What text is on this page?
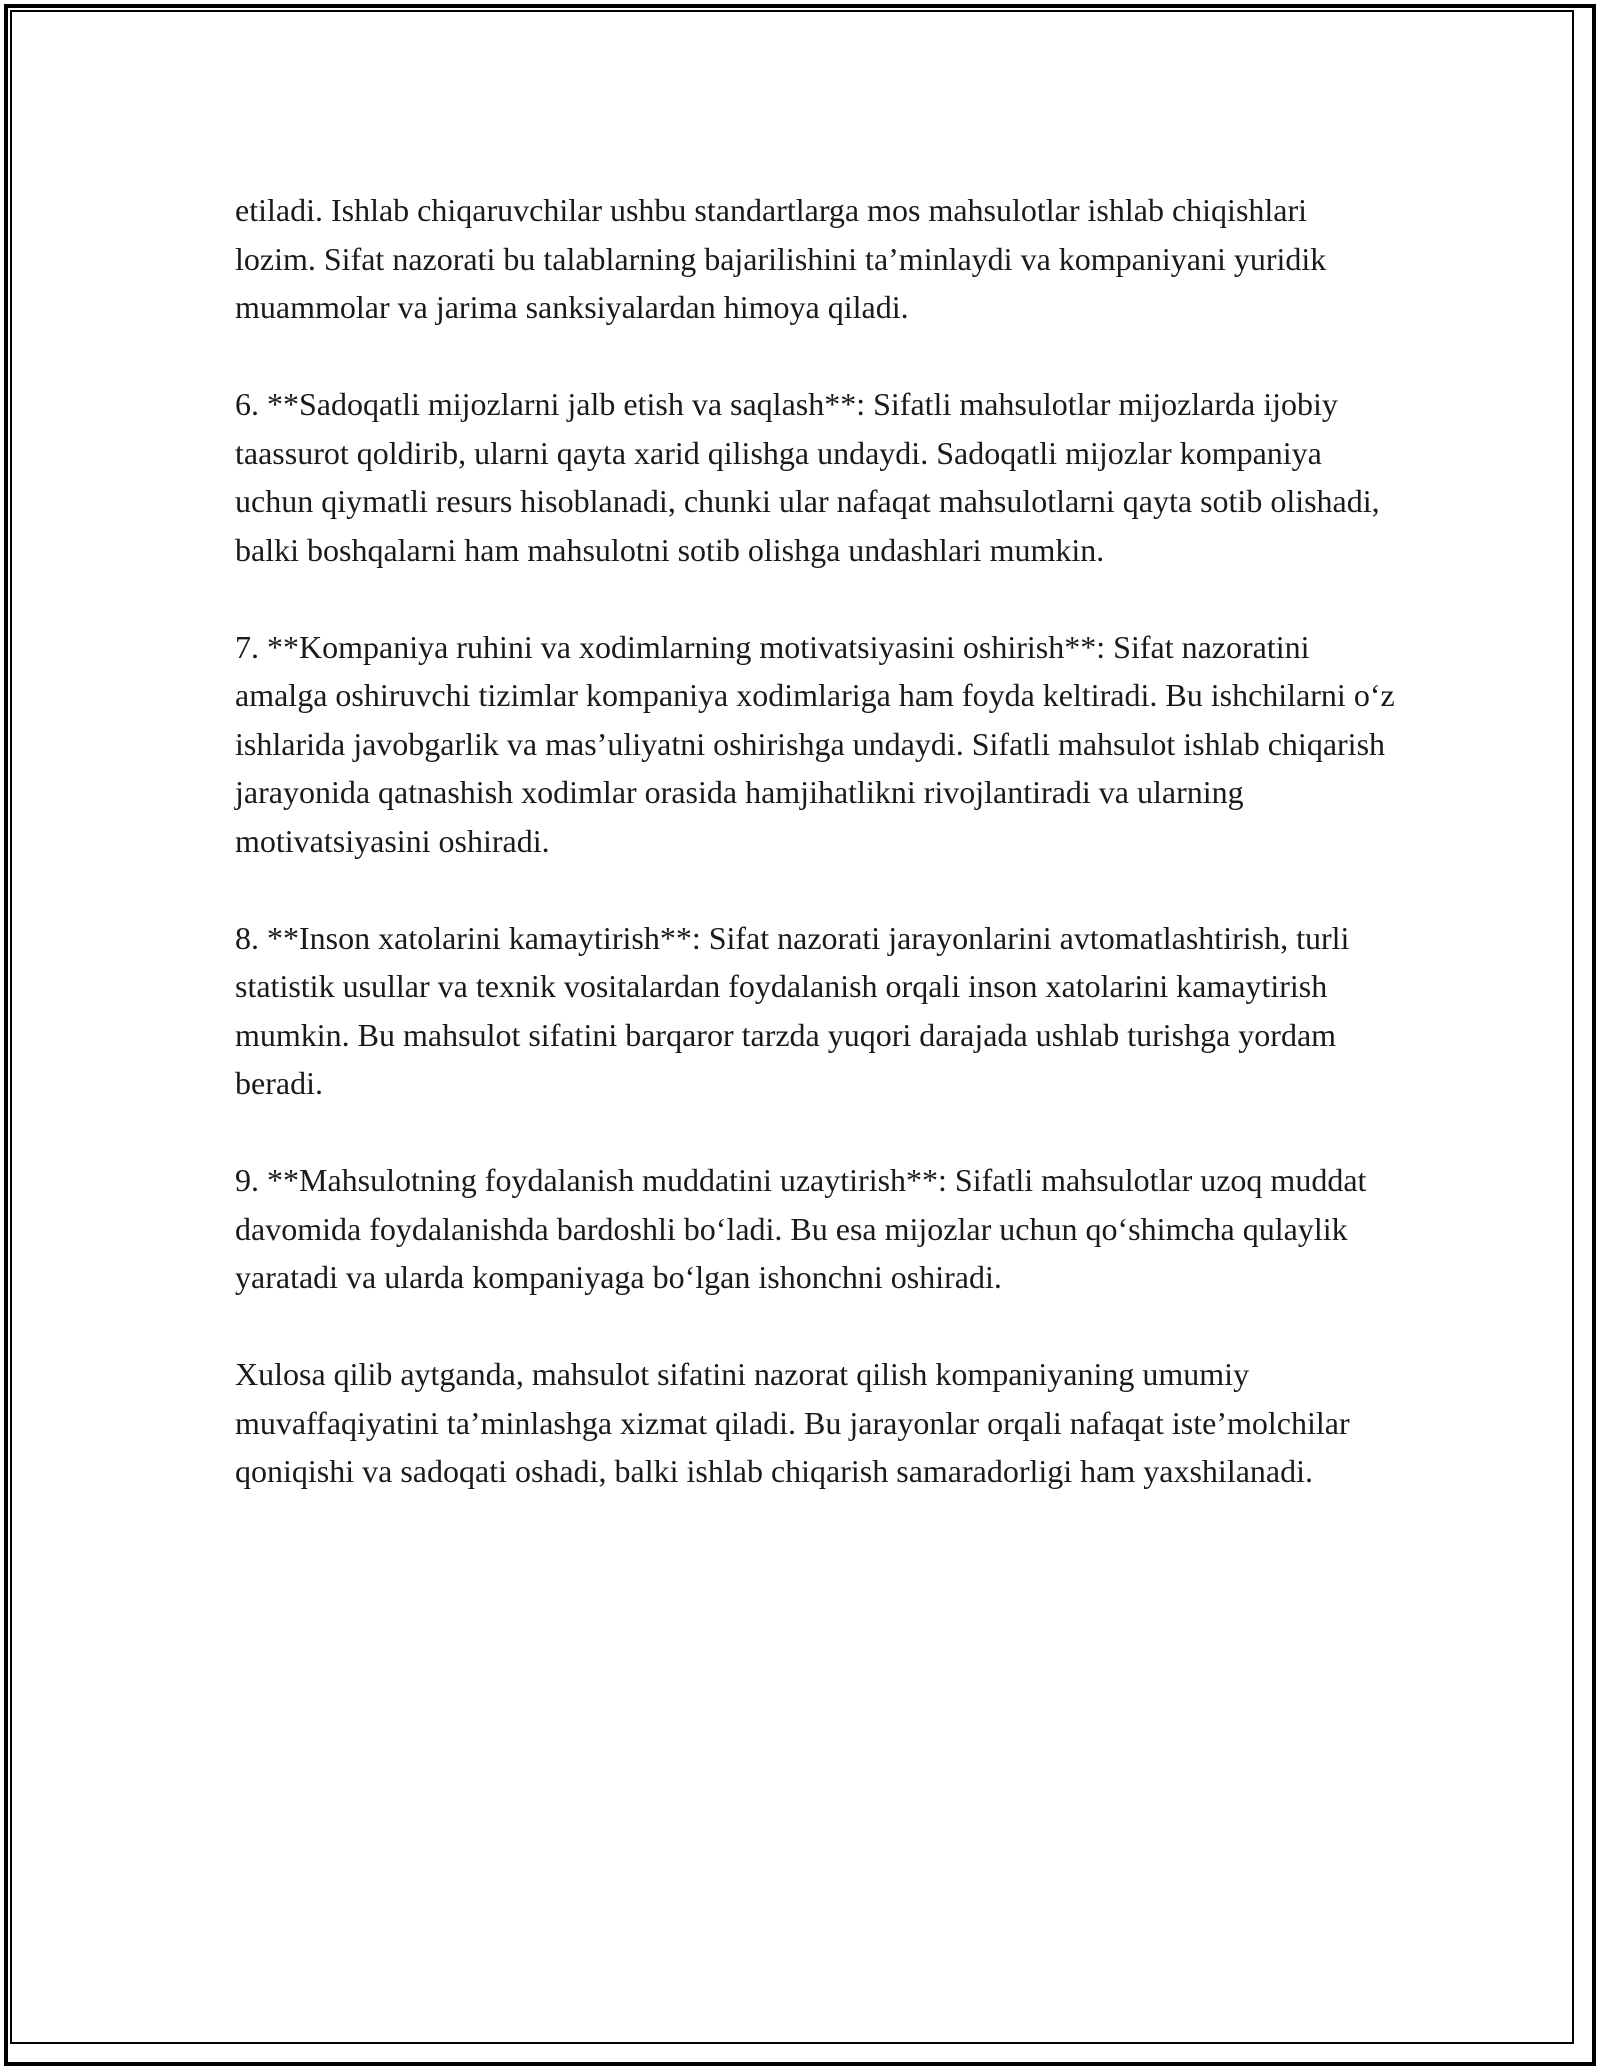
etiladi. Ishlab chiqaruvchilar ushbu standartlarga mos mahsulotlar ishlab chiqishlari lozim. Sifat nazorati bu talablarning bajarilishini ta’minlaydi va kompaniyani yuridik muammolar va jarima sanksiyalardan himoya qiladi.

6. **Sadoqatli mijozlarni jalb etish va saqlash**: Sifatli mahsulotlar mijozlarda ijobiy taassurot qoldirib, ularni qayta xarid qilishga undaydi. Sadoqatli mijozlar kompaniya uchun qiymatli resurs hisoblanadi, chunki ular nafaqat mahsulotlarni qayta sotib olishadi, balki boshqalarni ham mahsulotni sotib olishga undashlari mumkin.

7. **Kompaniya ruhini va xodimlarning motivatsiyasini oshirish**: Sifat nazoratini amalga oshiruvchi tizimlar kompaniya xodimlariga ham foyda keltiradi. Bu ishchilarni o‘z ishlarida javobgarlik va mas’uliyatni oshirishga undaydi. Sifatli mahsulot ishlab chiqarish jarayonida qatnashish xodimlar orasida hamjihatlikni rivojlantiradi va ularning motivatsiyasini oshiradi.

8. **Inson xatolarini kamaytirish**: Sifat nazorati jarayonlarini avtomatlashtirish, turli statistik usullar va texnik vositalardan foydalanish orqali inson xatolarini kamaytirish mumkin. Bu mahsulot sifatini barqaror tarzda yuqori darajada ushlab turishga yordam beradi.

9. **Mahsulotning foydalanish muddatini uzaytirish**: Sifatli mahsulotlar uzoq muddat davomida foydalanishda bardoshli bo‘ladi. Bu esa mijozlar uchun qo‘shimcha qulaylik yaratadi va ularda kompaniyaga bo‘lgan ishonchni oshiradi.

Xulosa qilib aytganda, mahsulot sifatini nazorat qilish kompaniyaning umumiy muvaffaqiyatini ta’minlashga xizmat qiladi. Bu jarayonlar orqali nafaqat iste’molchilar qoniqishi va sadoqati oshadi, balki ishlab chiqarish samaradorligi ham yaxshilanadi.
